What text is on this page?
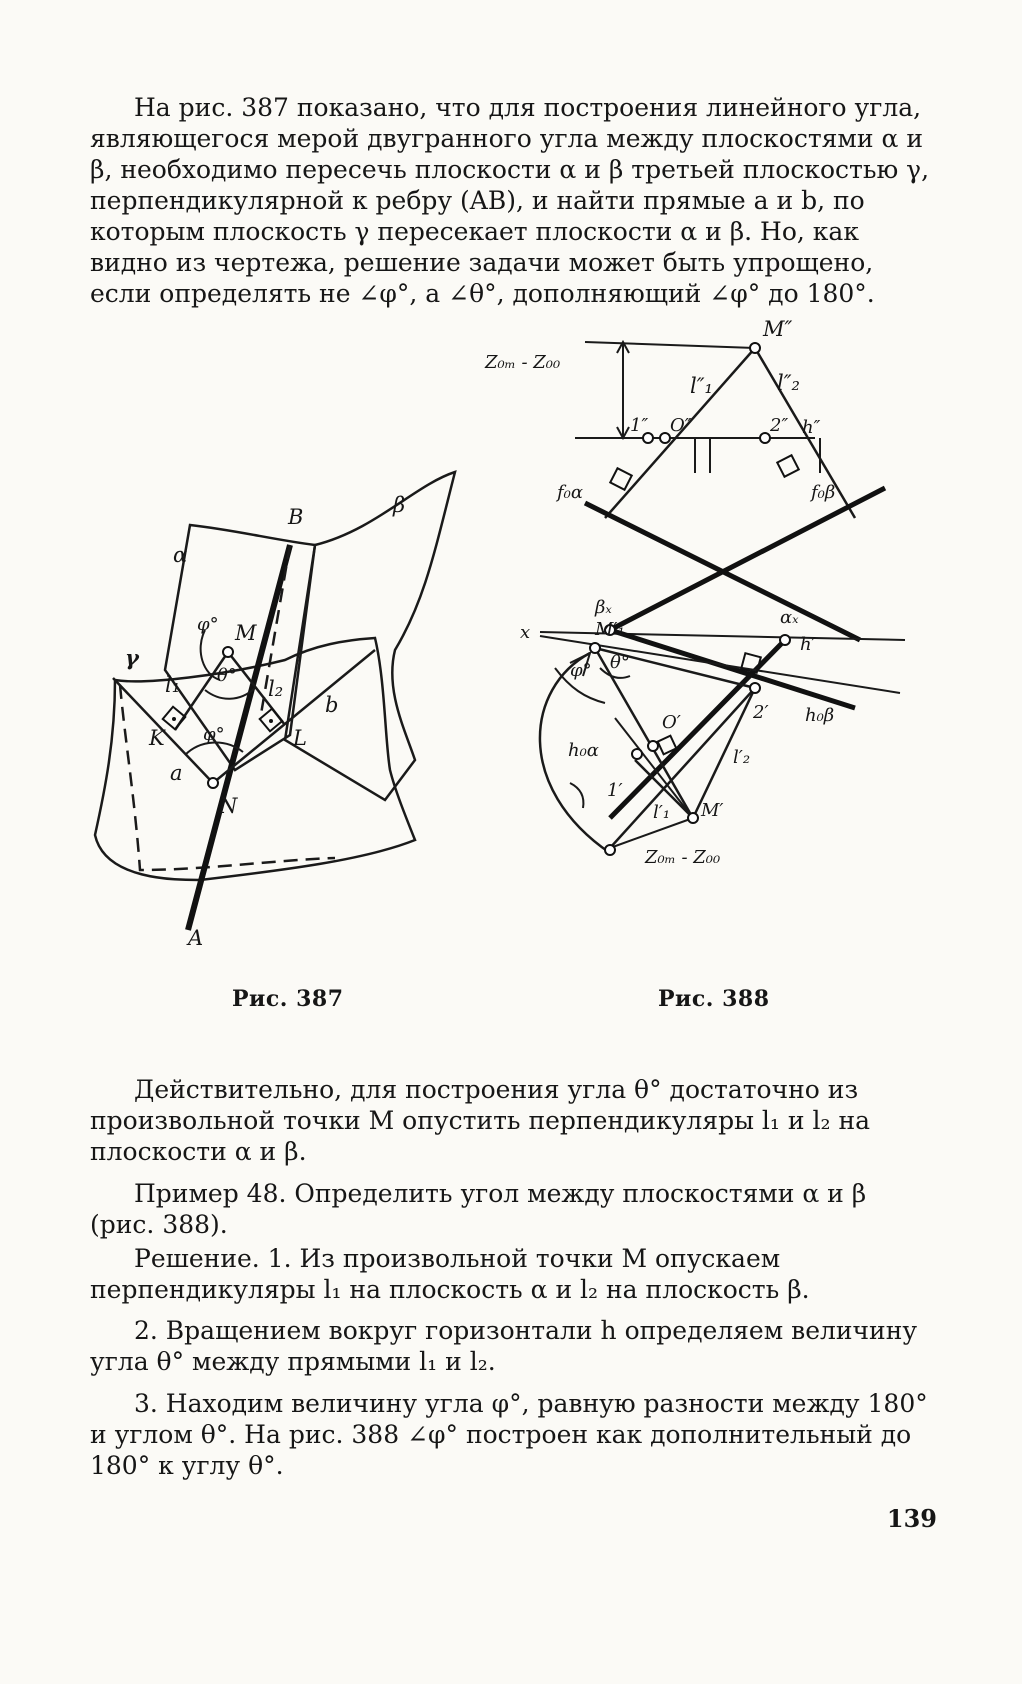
На рис. 387 показано, что для построения линейного угла, являющегося мерой двугранного угла между плоскостями α и β, необходимо пересечь плоскости α и β третьей плоскостью γ, перпендикулярной к ребру (AB), и найти прямые a и b, по которым плоскость γ пересекает плоскости α и β. Но, как видно из чертежа, решение задачи может быть упрощено, если определять не ∠φ°, а ∠θ°, дополняющий ∠φ° до 180°.

α
β
B
γ
M
φ°
θ°
l₁	l₂
b
φ°
K	L
a
N
A
Рис. 387
M″
l″₁	l″₂
1″ O″	2″ h″
Z₀ₘ - Z₀₀
f₀α	f₀β
βₓ	αₓ
x	M′₁
φ° θ°
h′
2′ h₀β
O′
h₀α
1′
l′₁
l′₂
M′
Z₀ₘ - Z₀₀
Рис. 388

Действительно, для построения угла θ° достаточно из произвольной точки M опустить перпендикуляры l₁ и l₂ на плоскости α и β.

Пример 48. Определить угол между плоскостями α и β (рис. 388).

Решение. 1. Из произвольной точки M опускаем перпендикуляры l₁ на плоскость α и l₂ на плоскость β.

2. Вращением вокруг горизонтали h определяем величину угла θ° между прямыми l₁ и l₂.

3. Находим величину угла φ°, равную разности между 180° и углом θ°. На рис. 388 ∠φ° построен как дополнительный до 180° к углу θ°.

139
